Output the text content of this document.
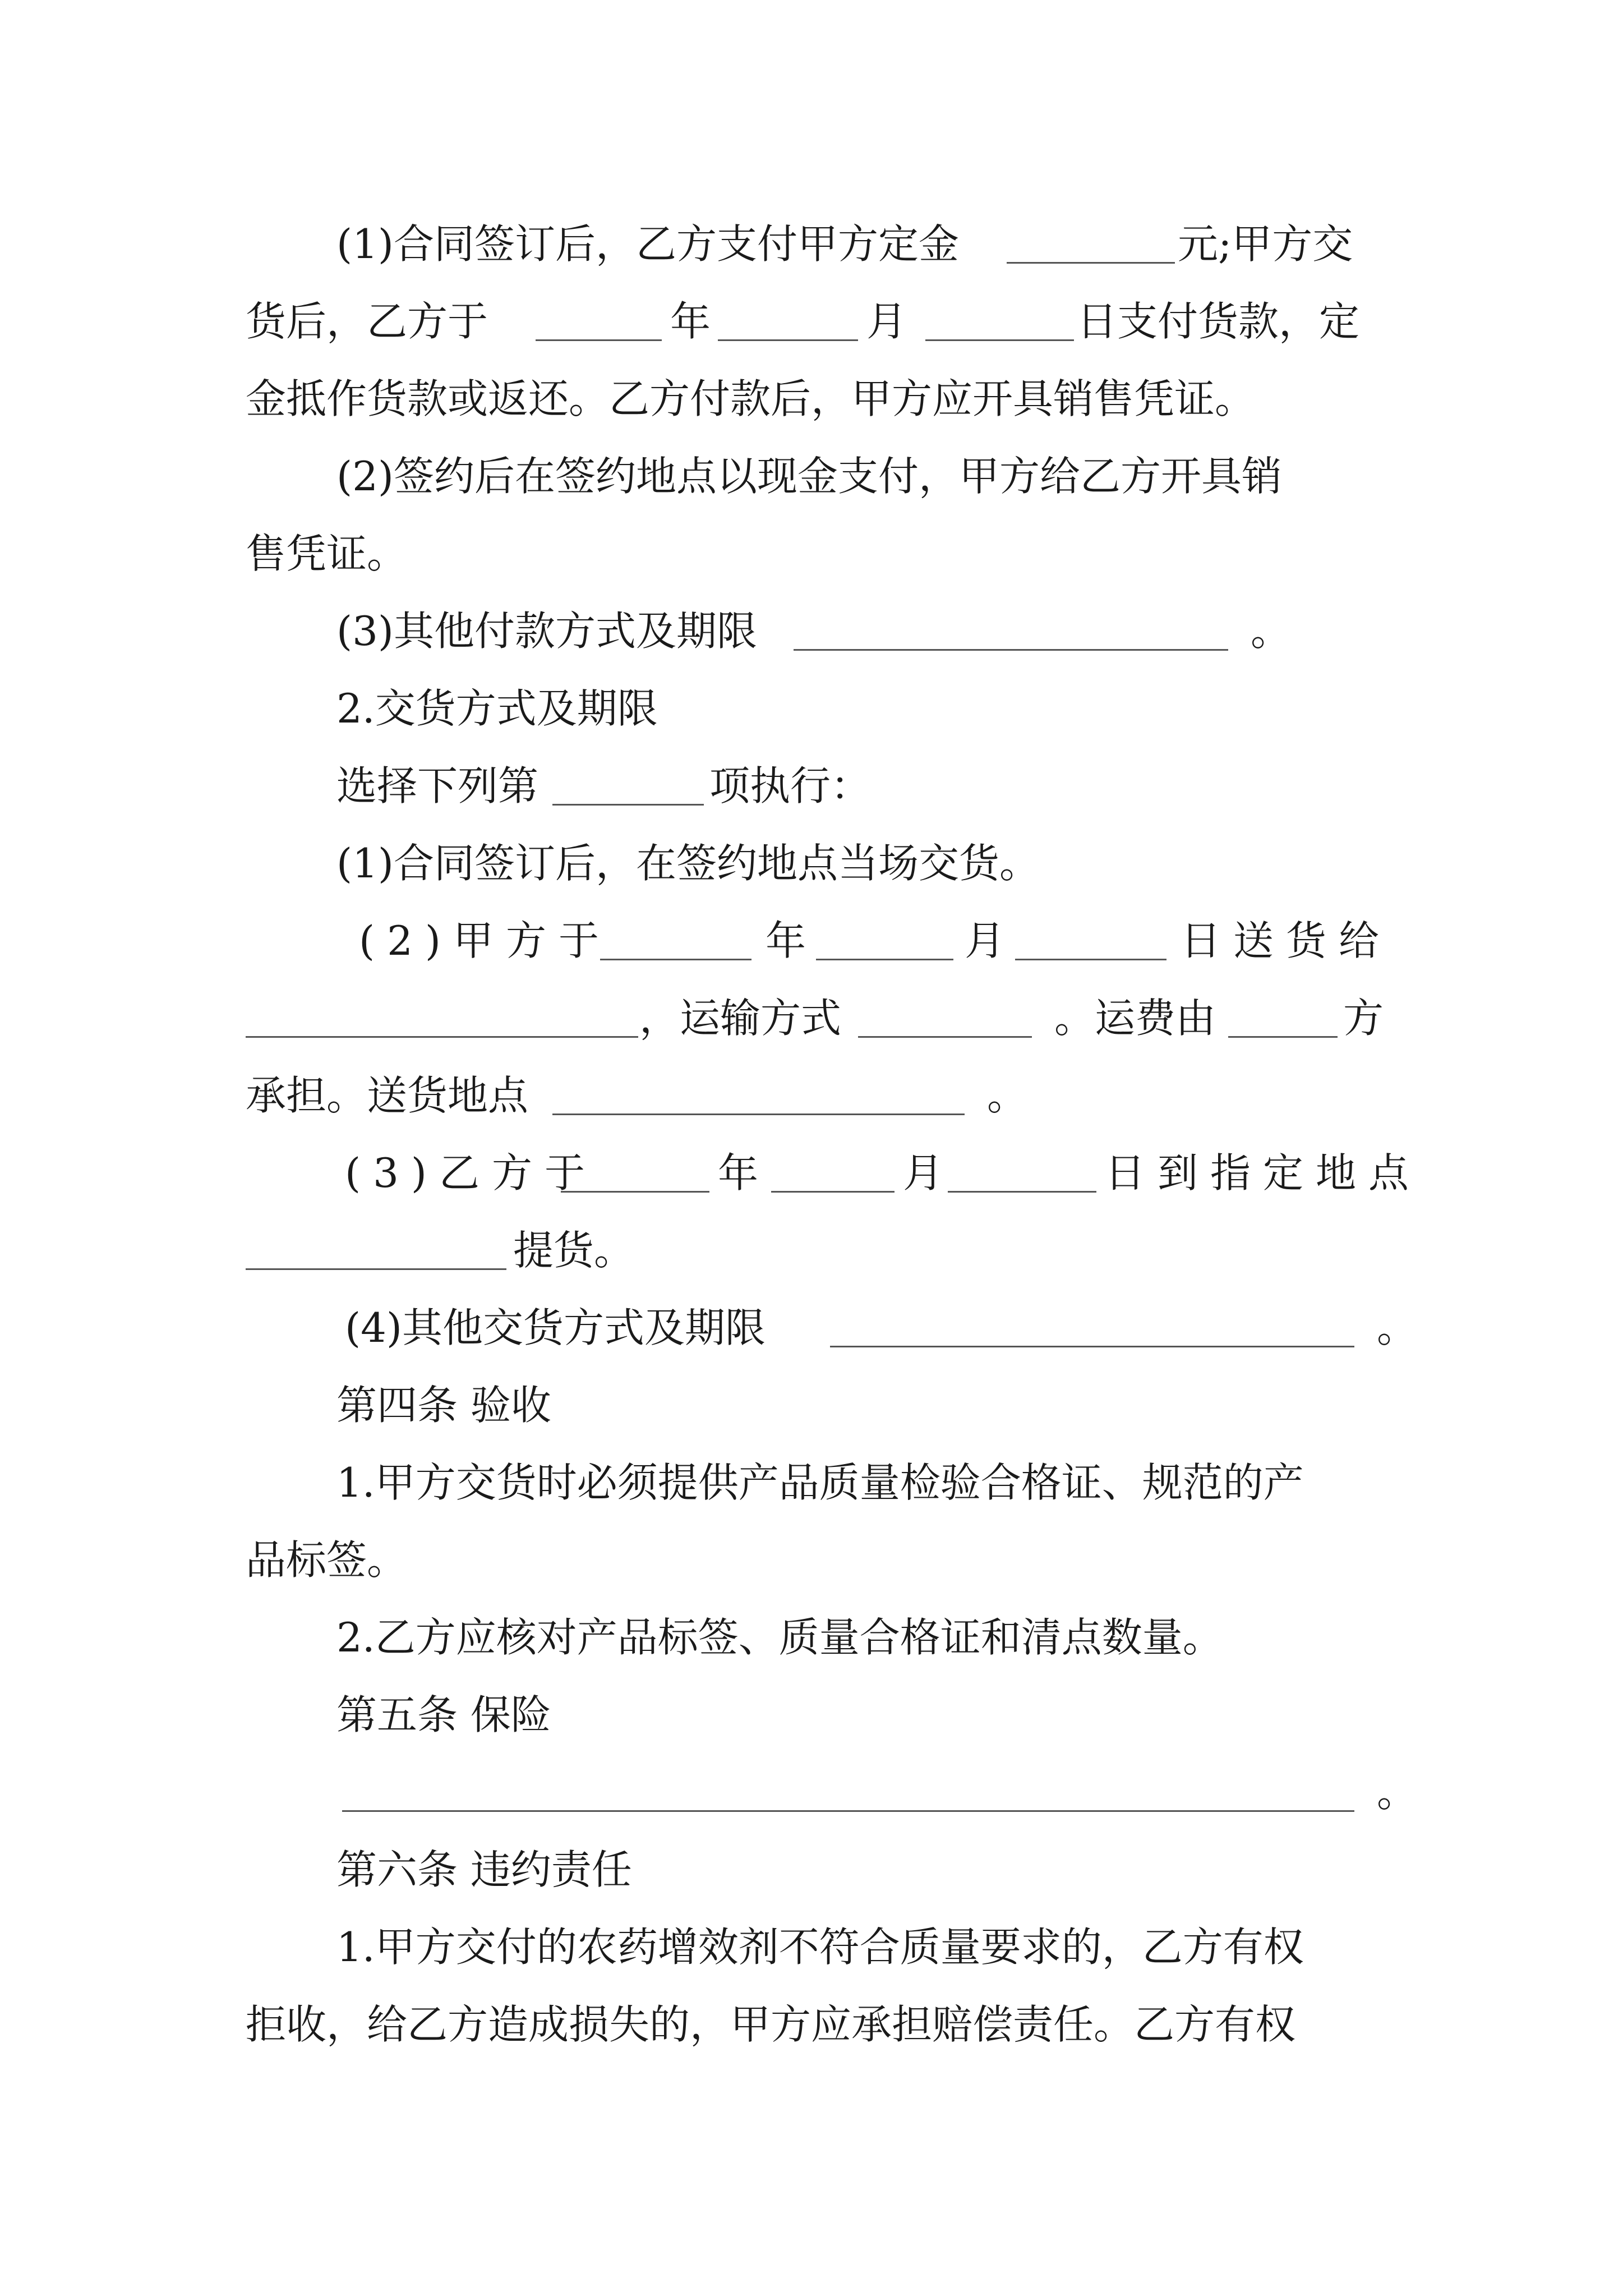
(1)合同签订后，乙方支付甲方定金	元;甲方交
货后，乙方于	年	月	日支付货款，定
金抵作货款或返还。乙方付款后，甲方应开具销售凭证。
(2)签约后在签约地点以现金支付，甲方给乙方开具销
售凭证。
(3)其他付款方式及期限	。
2.交货方式及期限
选择下列第	项执行：
(1)合同签订后，在签约地点当场交货。
(2)甲方于	年	月	日送货给
，运输方式	。运费由	方
承担。送货地点	。
(3)乙方于	年	月	日到指定地点
提货。
(4)其他交货方式及期限	。
第四条 验收
1.甲方交货时必须提供产品质量检验合格证、规范的产
品标签。
2.乙方应核对产品标签、质量合格证和清点数量。
第五条 保险
。
第六条 违约责任
1.甲方交付的农药增效剂不符合质量要求的，乙方有权
拒收，给乙方造成损失的，甲方应承担赔偿责任。乙方有权
